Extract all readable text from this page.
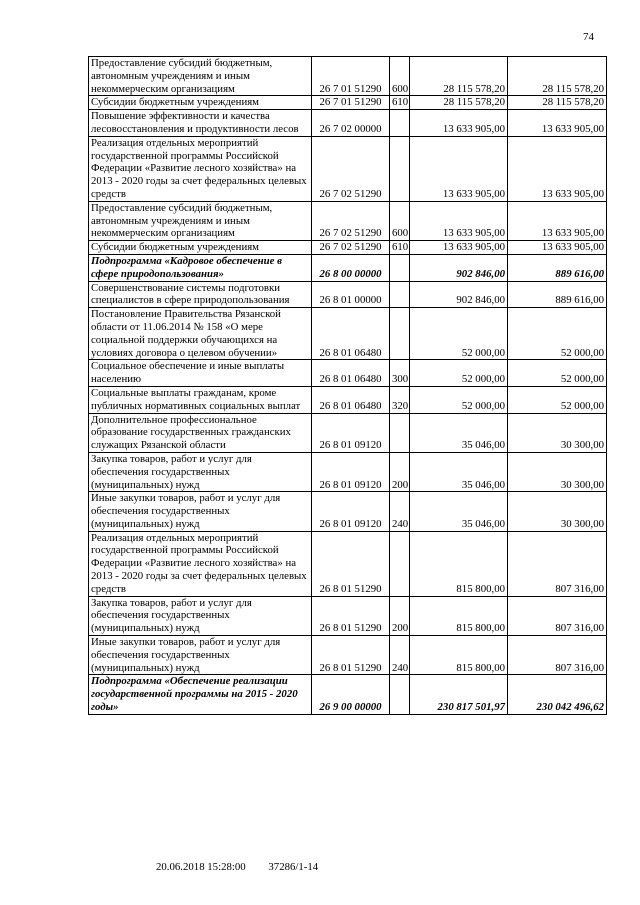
74
Предоставление субсидий бюджетным, автономным учреждениям и иным некоммерческим организациям	26 7 01 51290	600	28 115 578,20	28 115 578,20
Субсидии бюджетным учреждениям	26 7 01 51290	610	28 115 578,20	28 115 578,20
Повышение эффективности и качества лесовосстановления и продуктивности лесов	26 7 02 00000		13 633 905,00	13 633 905,00
Реализация отдельных мероприятий государственной программы Российской Федерации «Развитие лесного хозяйства» на 2013 - 2020 годы за счет федеральных целевых средств	26 7 02 51290		13 633 905,00	13 633 905,00
Предоставление субсидий бюджетным, автономным учреждениям и иным некоммерческим организациям	26 7 02 51290	600	13 633 905,00	13 633 905,00
Субсидии бюджетным учреждениям	26 7 02 51290	610	13 633 905,00	13 633 905,00
Подпрограмма «Кадровое обеспечение в сфере природопользования»	26 8 00 00000		902 846,00	889 616,00
Совершенствование системы подготовки специалистов в сфере природопользования	26 8 01 00000		902 846,00	889 616,00
Постановление Правительства Рязанской области от 11.06.2014 № 158 «О мере социальной поддержки обучающихся на условиях договора о целевом обучении»	26 8 01 06480		52 000,00	52 000,00
Социальное обеспечение и иные выплаты населению	26 8 01 06480	300	52 000,00	52 000,00
Социальные выплаты гражданам, кроме публичных нормативных социальных выплат	26 8 01 06480	320	52 000,00	52 000,00
Дополнительное профессиональное образование государственных гражданских служащих Рязанской области	26 8 01 09120		35 046,00	30 300,00
Закупка товаров, работ и услуг для обеспечения государственных (муниципальных) нужд	26 8 01 09120	200	35 046,00	30 300,00
Иные закупки товаров, работ и услуг для обеспечения государственных (муниципальных) нужд	26 8 01 09120	240	35 046,00	30 300,00
Реализация отдельных мероприятий государственной программы Российской Федерации «Развитие лесного хозяйства» на 2013 - 2020 годы за счет федеральных целевых средств	26 8 01 51290		815 800,00	807 316,00
Закупка товаров, работ и услуг для обеспечения государственных (муниципальных) нужд	26 8 01 51290	200	815 800,00	807 316,00
Иные закупки товаров, работ и услуг для обеспечения государственных (муниципальных) нужд	26 8 01 51290	240	815 800,00	807 316,00
Подпрограмма «Обеспечение реализации государственной программы на 2015 - 2020 годы»	26 9 00 00000		230 817 501,97	230 042 496,62
20.06.2018 15:28:00 37286/1-14
